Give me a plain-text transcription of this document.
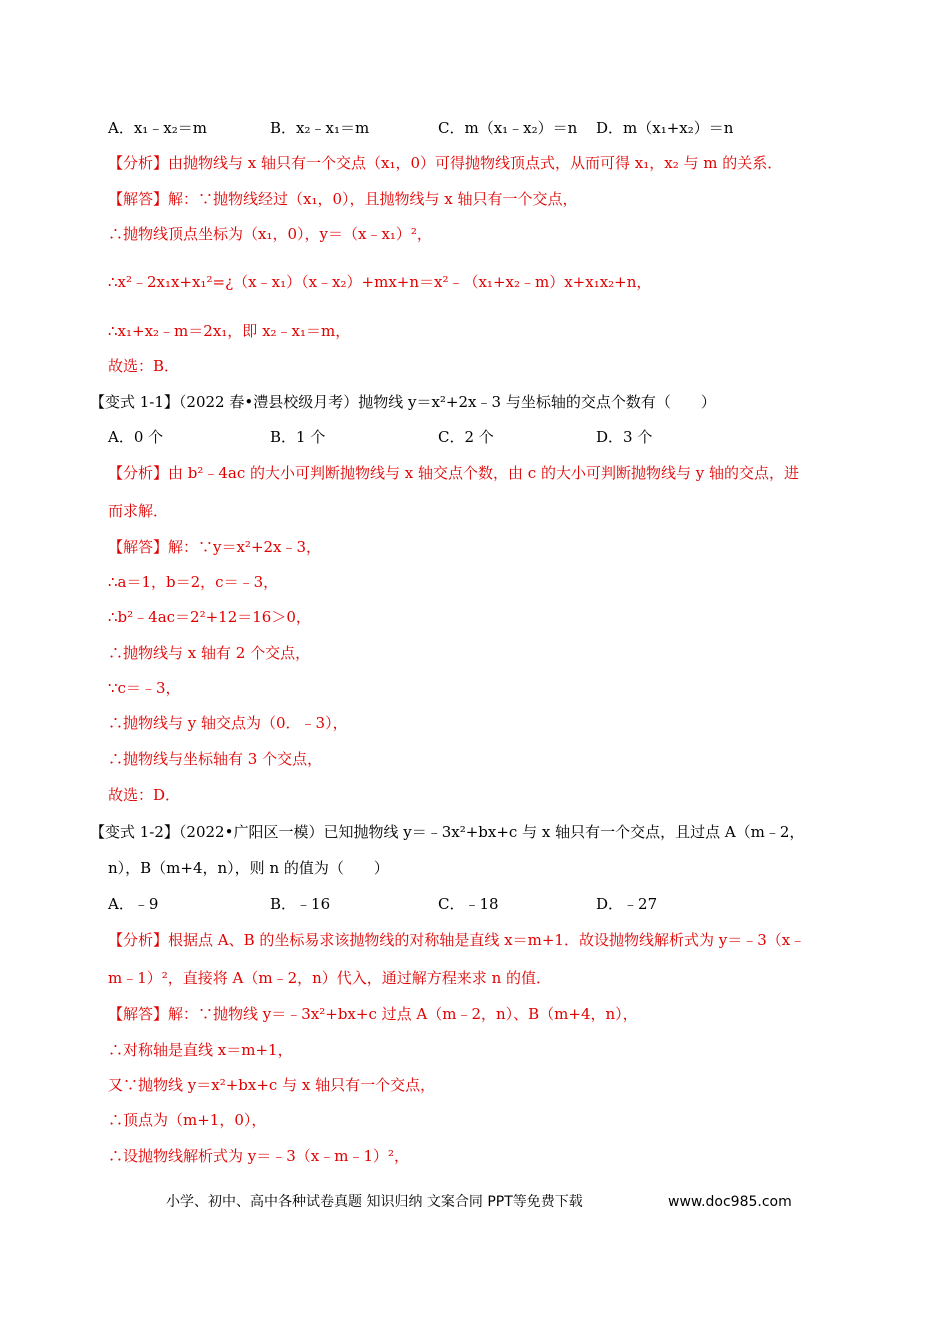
A．x₁﹣x₂＝m	B．x₂﹣x₁＝m	C．m（x₁﹣x₂）＝n D．m（x₁+x₂）＝n
【分析】由抛物线与 x 轴只有一个交点（x₁，0）可得抛物线顶点式，从而可得 x₁，x₂ 与 m 的关系．
【解答】解：∵抛物线经过（x₁，0），且抛物线与 x 轴只有一个交点，
∴抛物线顶点坐标为（x₁，0），y＝（x﹣x₁）²，
∴x²﹣2x₁x+x₁²=¿（x﹣x₁）（x﹣x₂）+mx+n＝x²﹣（x₁+x₂﹣m）x+x₁x₂+n，
∴x₁+x₂﹣m＝2x₁，即 x₂﹣x₁＝m，
故选：B．
【变式 1-1】（2022 春•澧县校级月考）抛物线 y＝x²+2x﹣3 与坐标轴的交点个数有（　　）
A．0 个	B．1 个	C．2 个	D．3 个
【分析】由 b²﹣4ac 的大小可判断抛物线与 x 轴交点个数，由 c 的大小可判断抛物线与 y 轴的交点，进
而求解．
【解答】解：∵y＝x²+2x﹣3，
∴a＝1，b＝2，c＝﹣3，
∴b²﹣4ac＝2²+12＝16＞0，
∴抛物线与 x 轴有 2 个交点，
∵c＝﹣3，
∴抛物线与 y 轴交点为（0．﹣3），
∴抛物线与坐标轴有 3 个交点，
故选：D．
【变式 1-2】（2022•广阳区一模）已知抛物线 y＝﹣3x²+bx+c 与 x 轴只有一个交点，且过点 A（m﹣2，
n），B（m+4，n），则 n 的值为（　　）
A．﹣9	B．﹣16	C．﹣18	D．﹣27
【分析】根据点 A、B 的坐标易求该抛物线的对称轴是直线 x＝m+1．故设抛物线解析式为 y＝﹣3（x﹣
m﹣1）²，直接将 A（m﹣2，n）代入，通过解方程来求 n 的值．
【解答】解：∵抛物线 y＝﹣3x²+bx+c 过点 A（m﹣2，n）、B（m+4，n），
∴对称轴是直线 x＝m+1，
又∵抛物线 y＝x²+bx+c 与 x 轴只有一个交点，
∴顶点为（m+1，0），
∴设抛物线解析式为 y＝﹣3（x﹣m﹣1）²，
小学、初中、高中各种试卷真题 知识归纳 文案合同 PPT等免费下载	www.doc985.com
